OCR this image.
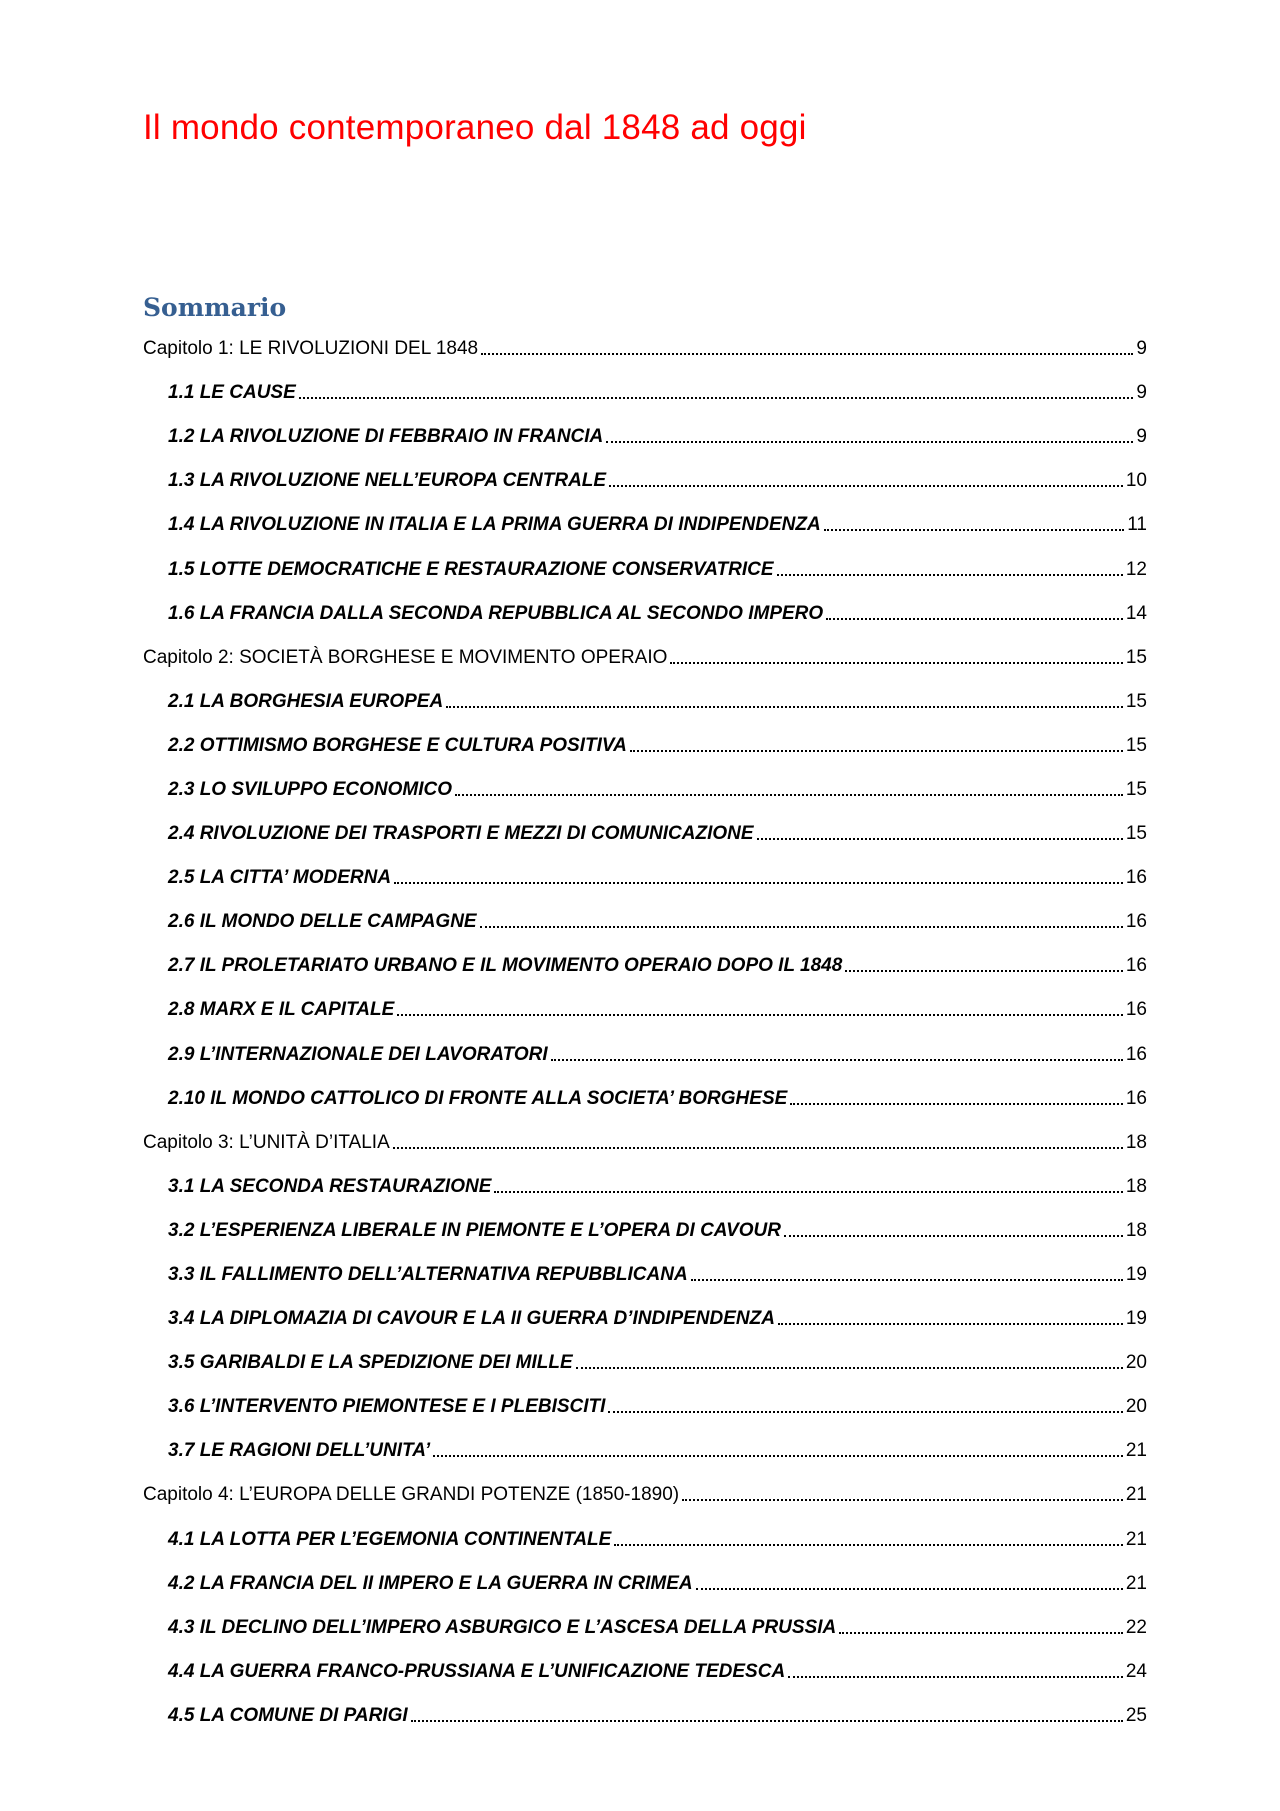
Il mondo contemporaneo dal 1848 ad oggi
Sommario
Capitolo 1: LE RIVOLUZIONI DEL 1848	9
1.1 LE CAUSE	9
1.2 LA RIVOLUZIONE DI FEBBRAIO IN FRANCIA	9
1.3 LA RIVOLUZIONE NELL’EUROPA CENTRALE	10
1.4 LA RIVOLUZIONE IN ITALIA E LA PRIMA GUERRA DI INDIPENDENZA	11
1.5 LOTTE DEMOCRATICHE E RESTAURAZIONE CONSERVATRICE	12
1.6 LA FRANCIA DALLA SECONDA REPUBBLICA AL SECONDO IMPERO	14
Capitolo 2: SOCIETÀ BORGHESE E MOVIMENTO OPERAIO	15
2.1 LA BORGHESIA EUROPEA	15
2.2 OTTIMISMO BORGHESE E CULTURA POSITIVA	15
2.3 LO SVILUPPO ECONOMICO	15
2.4 RIVOLUZIONE DEI TRASPORTI E MEZZI DI COMUNICAZIONE	15
2.5 LA CITTA’ MODERNA	16
2.6 IL MONDO DELLE CAMPAGNE	16
2.7 IL PROLETARIATO URBANO E IL MOVIMENTO OPERAIO DOPO IL 1848	16
2.8 MARX E IL CAPITALE	16
2.9 L’INTERNAZIONALE DEI LAVORATORI	16
2.10 IL MONDO CATTOLICO DI FRONTE ALLA SOCIETA’ BORGHESE	16
Capitolo 3: L’UNITÀ D’ITALIA	18
3.1 LA SECONDA RESTAURAZIONE	18
3.2 L’ESPERIENZA LIBERALE IN PIEMONTE E L’OPERA DI CAVOUR	18
3.3 IL FALLIMENTO DELL’ALTERNATIVA REPUBBLICANA	19
3.4 LA DIPLOMAZIA DI CAVOUR E LA II GUERRA D’INDIPENDENZA	19
3.5 GARIBALDI E LA SPEDIZIONE DEI MILLE	20
3.6 L’INTERVENTO PIEMONTESE E I PLEBISCITI	20
3.7 LE RAGIONI DELL’UNITA’	21
Capitolo 4: L’EUROPA DELLE GRANDI POTENZE (1850-1890)	21
4.1 LA LOTTA PER L’EGEMONIA CONTINENTALE	21
4.2 LA FRANCIA DEL II IMPERO E LA GUERRA IN CRIMEA	21
4.3 IL DECLINO DELL’IMPERO ASBURGICO E L’ASCESA DELLA PRUSSIA	22
4.4 LA GUERRA FRANCO-PRUSSIANA E L’UNIFICAZIONE TEDESCA	24
4.5 LA COMUNE DI PARIGI	25
